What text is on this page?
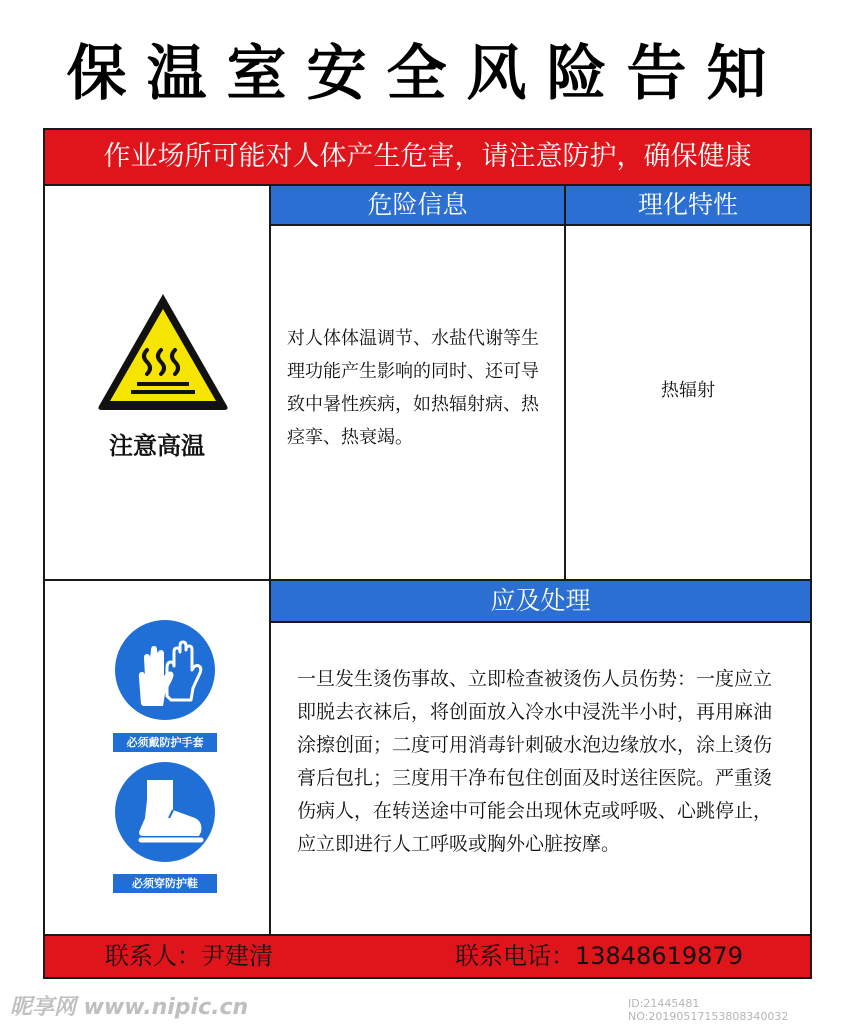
保温室安全风险告知
作业场所可能对人体产生危害，请注意防护，确保健康
危险信息	理化特性
对人体体温调节、水盐代谢等生理功能产生影响的同时、还可导致中暑性疾病，如热辐射病、热痉挛、热衰竭。
热辐射
注意高温
应及处理
一旦发生烫伤事故、立即检查被烫伤人员伤势：一度应立即脱去衣袜后，将创面放入冷水中浸洗半小时，再用麻油涂擦创面；二度可用消毒针刺破水泡边缘放水，涂上烫伤膏后包扎；三度用干净布包住创面及时送往医院。严重烫伤病人，在转送途中可能会出现休克或呼吸、心跳停止，应立即进行人工呼吸或胸外心脏按摩。
必须戴防护手套
必须穿防护鞋
联系人：尹建清	联系电话：13848619879
昵享网 www.nipic.cn	ID:21445481 NO:20190517153808340032
